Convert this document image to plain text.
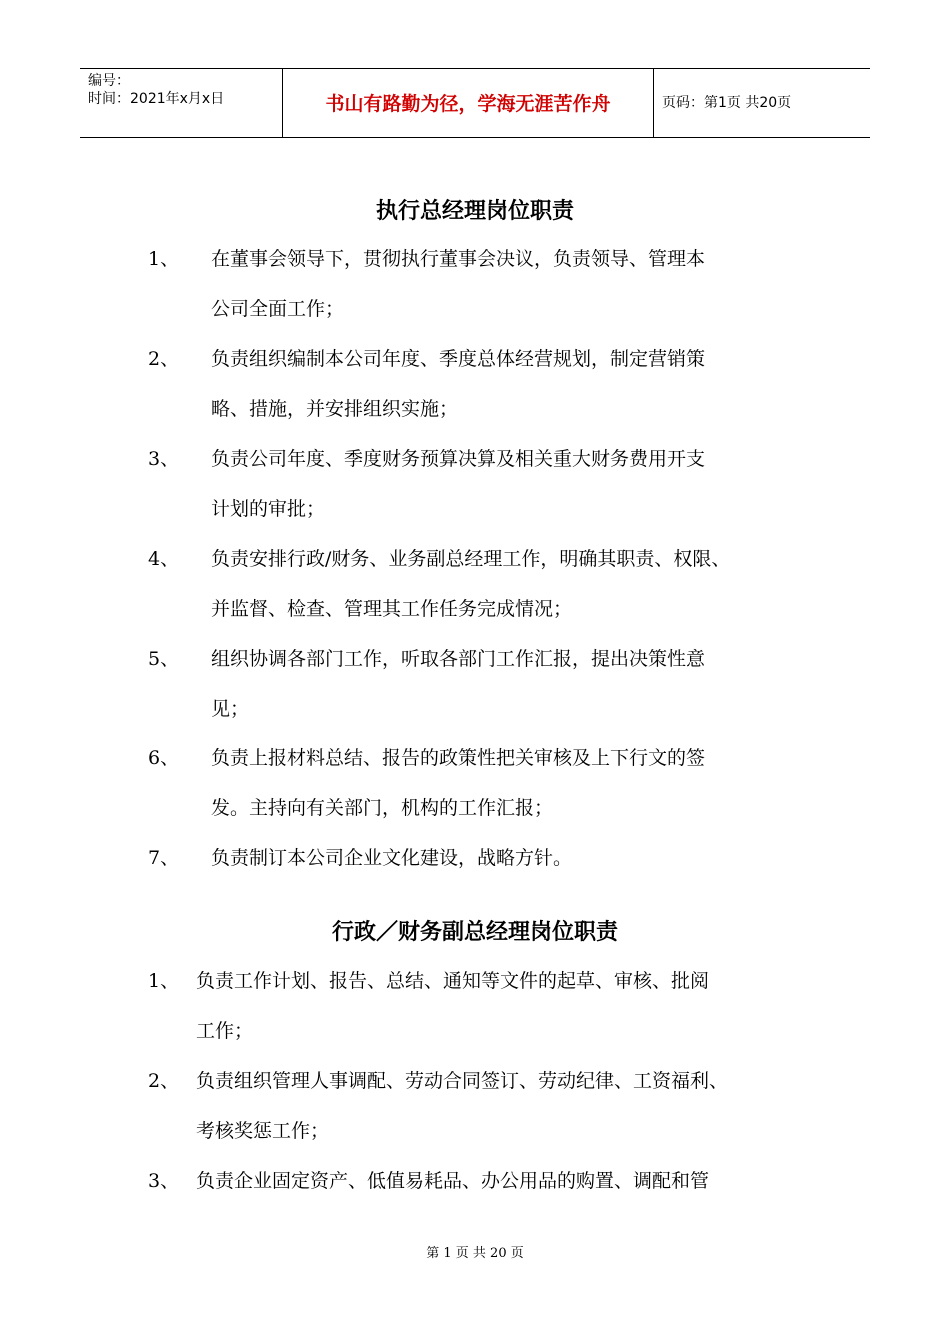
编号：
时间：2021年x月x日	书山有路勤为径，学海无涯苦作舟	页码：第1页 共20页
执行总经理岗位职责
1、 在董事会领导下，贯彻执行董事会决议，负责领导、管理本
公司全面工作；
2、 负责组织编制本公司年度、季度总体经营规划，制定营销策
略、措施，并安排组织实施；
3、 负责公司年度、季度财务预算决算及相关重大财务费用开支
计划的审批；
4、 负责安排行政/财务、业务副总经理工作，明确其职责、权限、
并监督、检查、管理其工作任务完成情况；
5、 组织协调各部门工作，听取各部门工作汇报，提出决策性意
见；
6、 负责上报材料总结、报告的政策性把关审核及上下行文的签
发。主持向有关部门，机构的工作汇报；
7、 负责制订本公司企业文化建设，战略方针。
行政／财务副总经理岗位职责
1、 负责工作计划、报告、总结、通知等文件的起草、审核、批阅
工作；
2、 负责组织管理人事调配、劳动合同签订、劳动纪律、工资福利、
考核奖惩工作；
3、 负责企业固定资产、低值易耗品、办公用品的购置、调配和管
第 1 页 共 20 页
